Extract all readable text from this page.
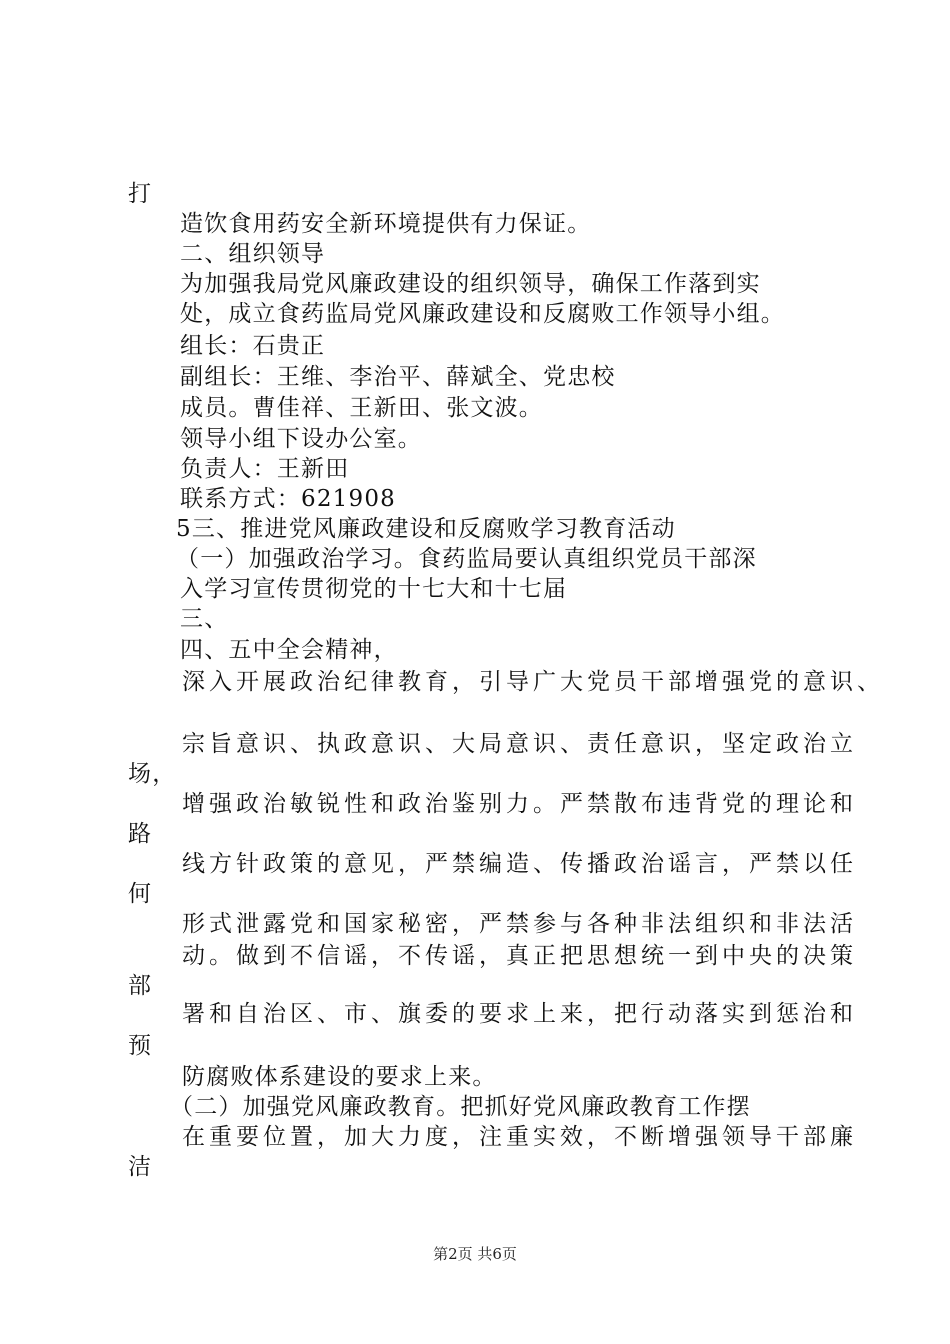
打
造饮食用药安全新环境提供有力保证。
二、组织领导
为加强我局党风廉政建设的组织领导，确保工作落到实
处，成立食药监局党风廉政建设和反腐败工作领导小组。
组长：石贵正
副组长：王维、李治平、薛斌全、党忠校
成员。曹佳祥、王新田、张文波。
领导小组下设办公室。
负责人：王新田
联系方式：621908
5三、推进党风廉政建设和反腐败学习教育活动
（一）加强政治学习。食药监局要认真组织党员干部深
入学习宣传贯彻党的十七大和十七届
三、
四、五中全会精神，
深入开展政治纪律教育，引导广大党员干部增强党的意识、
宗旨意识、执政意识、大局意识、责任意识，坚定政治立
场，
增强政治敏锐性和政治鉴别力。严禁散布违背党的理论和
路
线方针政策的意见，严禁编造、传播政治谣言，严禁以任
何
形式泄露党和国家秘密，严禁参与各种非法组织和非法活
动。做到不信谣，不传谣，真正把思想统一到中央的决策
部
署和自治区、市、旗委的要求上来，把行动落实到惩治和
预
防腐败体系建设的要求上来。
（二）加强党风廉政教育。把抓好党风廉政教育工作摆
在重要位置，加大力度，注重实效，不断增强领导干部廉
洁
第2页 共6页
